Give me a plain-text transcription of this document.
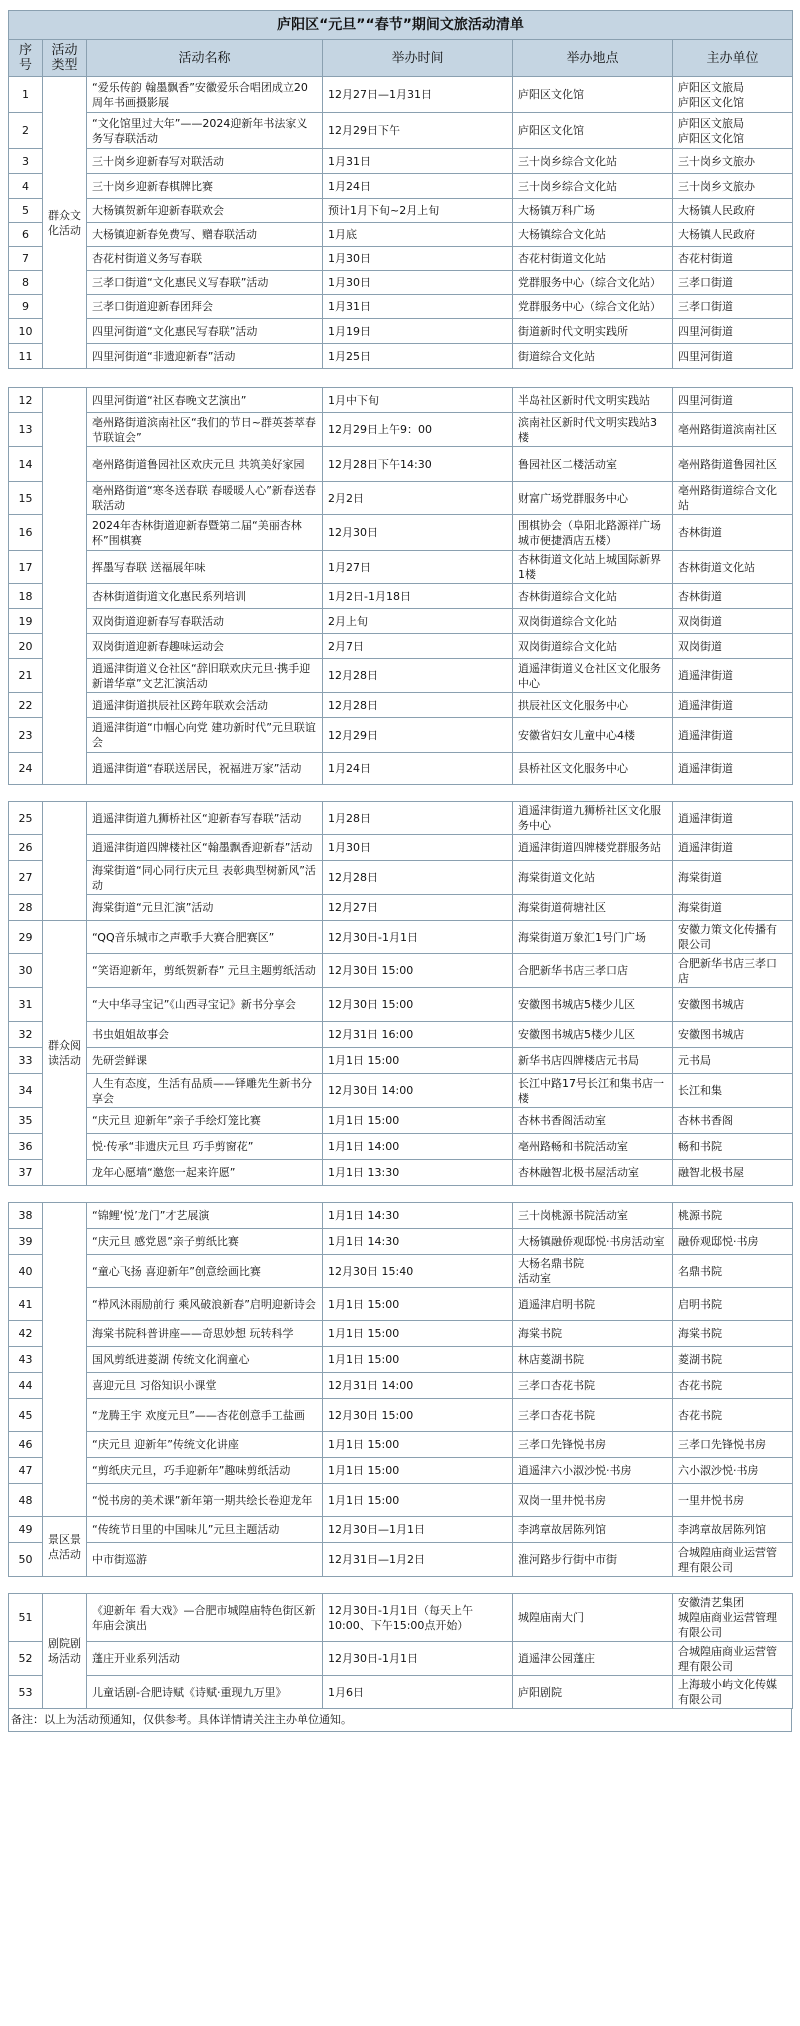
庐阳区“元旦”“春节”期间文旅活动清单					
序号	活动类型	活动名称	举办时间	举办地点	主办单位
1	群众文化活动	“爱乐传韵 翰墨飘香”安徽爱乐合唱团成立20周年书画摄影展	12月27日—1月31日	庐阳区文化馆	庐阳区文旅局
庐阳区文化馆
2		“文化馆里过大年”——2024迎新年书法家义务写春联活动	12月29日下午	庐阳区文化馆	庐阳区文旅局
庐阳区文化馆
3		三十岗乡迎新春写对联活动	1月31日	三十岗乡综合文化站	三十岗乡文旅办
4		三十岗乡迎新春棋牌比赛	1月24日	三十岗乡综合文化站	三十岗乡文旅办
5		大杨镇贺新年迎新春联欢会	预计1月下旬~2月上旬	大杨镇万科广场	大杨镇人民政府
6		大杨镇迎新春免费写、赠春联活动	1月底	大杨镇综合文化站	大杨镇人民政府
7		杏花村街道义务写春联	1月30日	杏花村街道文化站	杏花村街道
8		三孝口街道“文化惠民义写春联”活动	1月30日	党群服务中心（综合文化站）	三孝口街道
9		三孝口街道迎新春团拜会	1月31日	党群服务中心（综合文化站）	三孝口街道
10		四里河街道“文化惠民写春联”活动	1月19日	街道新时代文明实践所	四里河街道
11		四里河街道“非遗迎新春”活动	1月25日	街道综合文化站	四里河街道
12		四里河街道“社区春晚文艺演出”	1月中下旬	半岛社区新时代文明实践站	四里河街道
13		亳州路街道滨南社区“我们的节日~群英荟萃春节联谊会”	12月29日上午9：00	滨南社区新时代文明实践站3楼	亳州路街道滨南社区
14		亳州路街道鲁园社区欢庆元旦 共筑美好家园	12月28日下午14:30	鲁园社区二楼活动室	亳州路街道鲁园社区
15		亳州路街道“寒冬送春联 春暖暖人心”新春送春联活动	2月2日	财富广场党群服务中心	亳州路街道综合文化站
16		2024年杏林街道迎新春暨第二届“美丽杏林杯”围棋赛	12月30日	围棋协会（阜阳北路源祥广场城市便捷酒店五楼）	杏林街道
17		挥墨写春联 送福展年味	1月27日	杏林街道文化站上城国际新界1楼	杏林街道文化站
18		杏林街道街道文化惠民系列培训	1月2日-1月18日	杏林街道综合文化站	杏林街道
19		双岗街道迎新春写春联活动	2月上旬	双岗街道综合文化站	双岗街道
20		双岗街道迎新春趣味运动会	2月7日	双岗街道综合文化站	双岗街道
21		逍遥津街道义仓社区“辞旧联欢庆元旦·携手迎新谱华章”文艺汇演活动	12月28日	逍遥津街道义仓社区文化服务中心	逍遥津街道
22		逍遥津街道拱辰社区跨年联欢会活动	12月28日	拱辰社区文化服务中心	逍遥津街道
23		逍遥津街道“巾帼心向党 建功新时代”元旦联谊会	12月29日	安徽省妇女儿童中心4楼	逍遥津街道
24		逍遥津街道“春联送居民，祝福进万家”活动	1月24日	县桥社区文化服务中心	逍遥津街道
25		逍遥津街道九狮桥社区“迎新春写春联”活动	1月28日	逍遥津街道九狮桥社区文化服务中心	逍遥津街道
26		逍遥津街道四牌楼社区“翰墨飘香迎新春”活动	1月30日	逍遥津街道四牌楼党群服务站	逍遥津街道
27		海棠街道“同心同行庆元旦 表彰典型树新风”活动	12月28日	海棠街道文化站	海棠街道
28		海棠街道“元旦汇演”活动	12月27日	海棠街道荷塘社区	海棠街道
29	群众阅读活动	“QQ音乐城市之声歌手大赛合肥赛区”	12月30日-1月1日	海棠街道万象汇1号门广场	安徽力策文化传播有限公司
30		“笑语迎新年，剪纸贺新春” 元旦主题剪纸活动	12月30日 15:00	合肥新华书店三孝口店	合肥新华书店三孝口店
31		“大中华寻宝记”《山西寻宝记》新书分享会	12月30日 15:00	安徽图书城店5楼少儿区	安徽图书城店
32		书虫姐姐故事会	12月31日 16:00	安徽图书城店5楼少儿区	安徽图书城店
33		先研尝鲜课	1月1日 15:00	新华书店四牌楼店元书局	元书局
34		人生有态度，生活有品质——铎雕先生新书分享会	12月30日 14:00	长江中路17号长江和集书店一楼	长江和集
35		“庆元旦 迎新年”亲子手绘灯笼比赛	1月1日 15:00	杏林书香阁活动室	杏林书香阁
36		悦·传承“非遗庆元旦 巧手剪窗花”	1月1日 14:00	亳州路畅和书院活动室	畅和书院
37		龙年心愿墙“邀您一起来许愿”	1月1日 13:30	杏林融智北极书屋活动室	融智北极书屋
38		“锦鲤‘悦’龙门”才艺展演	1月1日 14:30	三十岗桃源书院活动室	桃源书院
39		“庆元旦 感党恩”亲子剪纸比赛	1月1日 14:30	大杨镇融侨观邸悦·书房活动室	融侨观邸悦·书房
40		“童心飞扬 喜迎新年”创意绘画比赛	12月30日 15:40	大杨名鼎书院
活动室	名鼎书院
41		“栉风沐雨励前行 乘风破浪新春”启明迎新诗会	1月1日 15:00	逍遥津启明书院	启明书院
42		海棠书院科普讲座——奇思妙想 玩转科学	1月1日 15:00	海棠书院	海棠书院
43		国风剪纸进菱湖 传统文化润童心	1月1日 15:00	林店菱湖书院	菱湖书院
44		喜迎元旦 习俗知识小课堂	12月31日 14:00	三孝口杏花书院	杏花书院
45		“龙腾王宇 欢度元旦”——杏花创意手工盐画	12月30日 15:00	三孝口杏花书院	杏花书院
46		“庆元旦 迎新年”传统文化讲座	1月1日 15:00	三孝口先锋悦书房	三孝口先锋悦书房
47		“剪纸庆元旦，巧手迎新年”趣味剪纸活动	1月1日 15:00	逍遥津六小淑沙悦·书房	六小淑沙悦·书房
48		“悦书房的美术课”新年第一期共绘长卷迎龙年	1月1日 15:00	双岗一里井悦书房	一里井悦书房
49	景区景点活动	“传统节日里的中国味儿”元旦主题活动	12月30日—1月1日	李鸿章故居陈列馆	李鸿章故居陈列馆
50		中市街巡游	12月31日—1月2日	淮河路步行街中市街	合城隍庙商业运营管理有限公司
51	剧院剧场活动	《迎新年 看大戏》—合肥市城隍庙特色街区新年庙会演出	12月30日-1月1日（每天上午10:00、下午15:00点开始）	城隍庙南大门	安徽清艺集团
城隍庙商业运营管理有限公司
52		蓬庄开业系列活动	12月30日-1月1日	逍遥津公园蓬庄	合城隍庙商业运营管理有限公司
53		儿童话剧-合肥诗赋《诗赋·重现九万里》	1月6日	庐阳剧院	上海玻小屿文化传媒有限公司
备注：以上为活动预通知，仅供参考。具体详情请关注主办单位通知。
